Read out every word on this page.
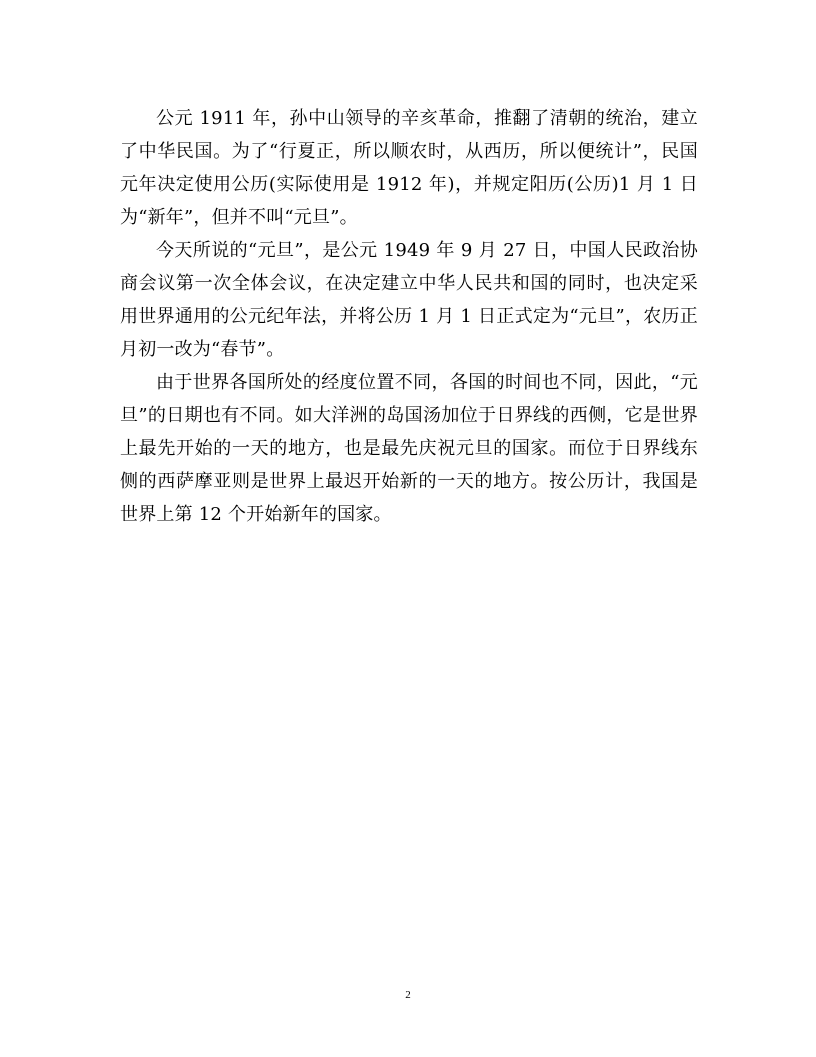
公元 1911 年，孙中山领导的辛亥革命，推翻了清朝的统治，建立了中华民国。为了“行夏正，所以顺农时，从西历，所以便统计”，民国元年决定使用公历(实际使用是 1912 年)，并规定阳历(公历)1 月 1 日为“新年”，但并不叫“元旦”。

今天所说的“元旦”，是公元 1949 年 9 月 27 日，中国人民政治协商会议第一次全体会议，在决定建立中华人民共和国的同时，也决定采用世界通用的公元纪年法，并将公历 1 月 1 日正式定为“元旦”，农历正月初一改为“春节”。

由于世界各国所处的经度位置不同，各国的时间也不同，因此，“元旦”的日期也有不同。如大洋洲的岛国汤加位于日界线的西侧，它是世界上最先开始的一天的地方，也是最先庆祝元旦的国家。而位于日界线东侧的西萨摩亚则是世界上最迟开始新的一天的地方。按公历计，我国是世界上第 12 个开始新年的国家。

2
